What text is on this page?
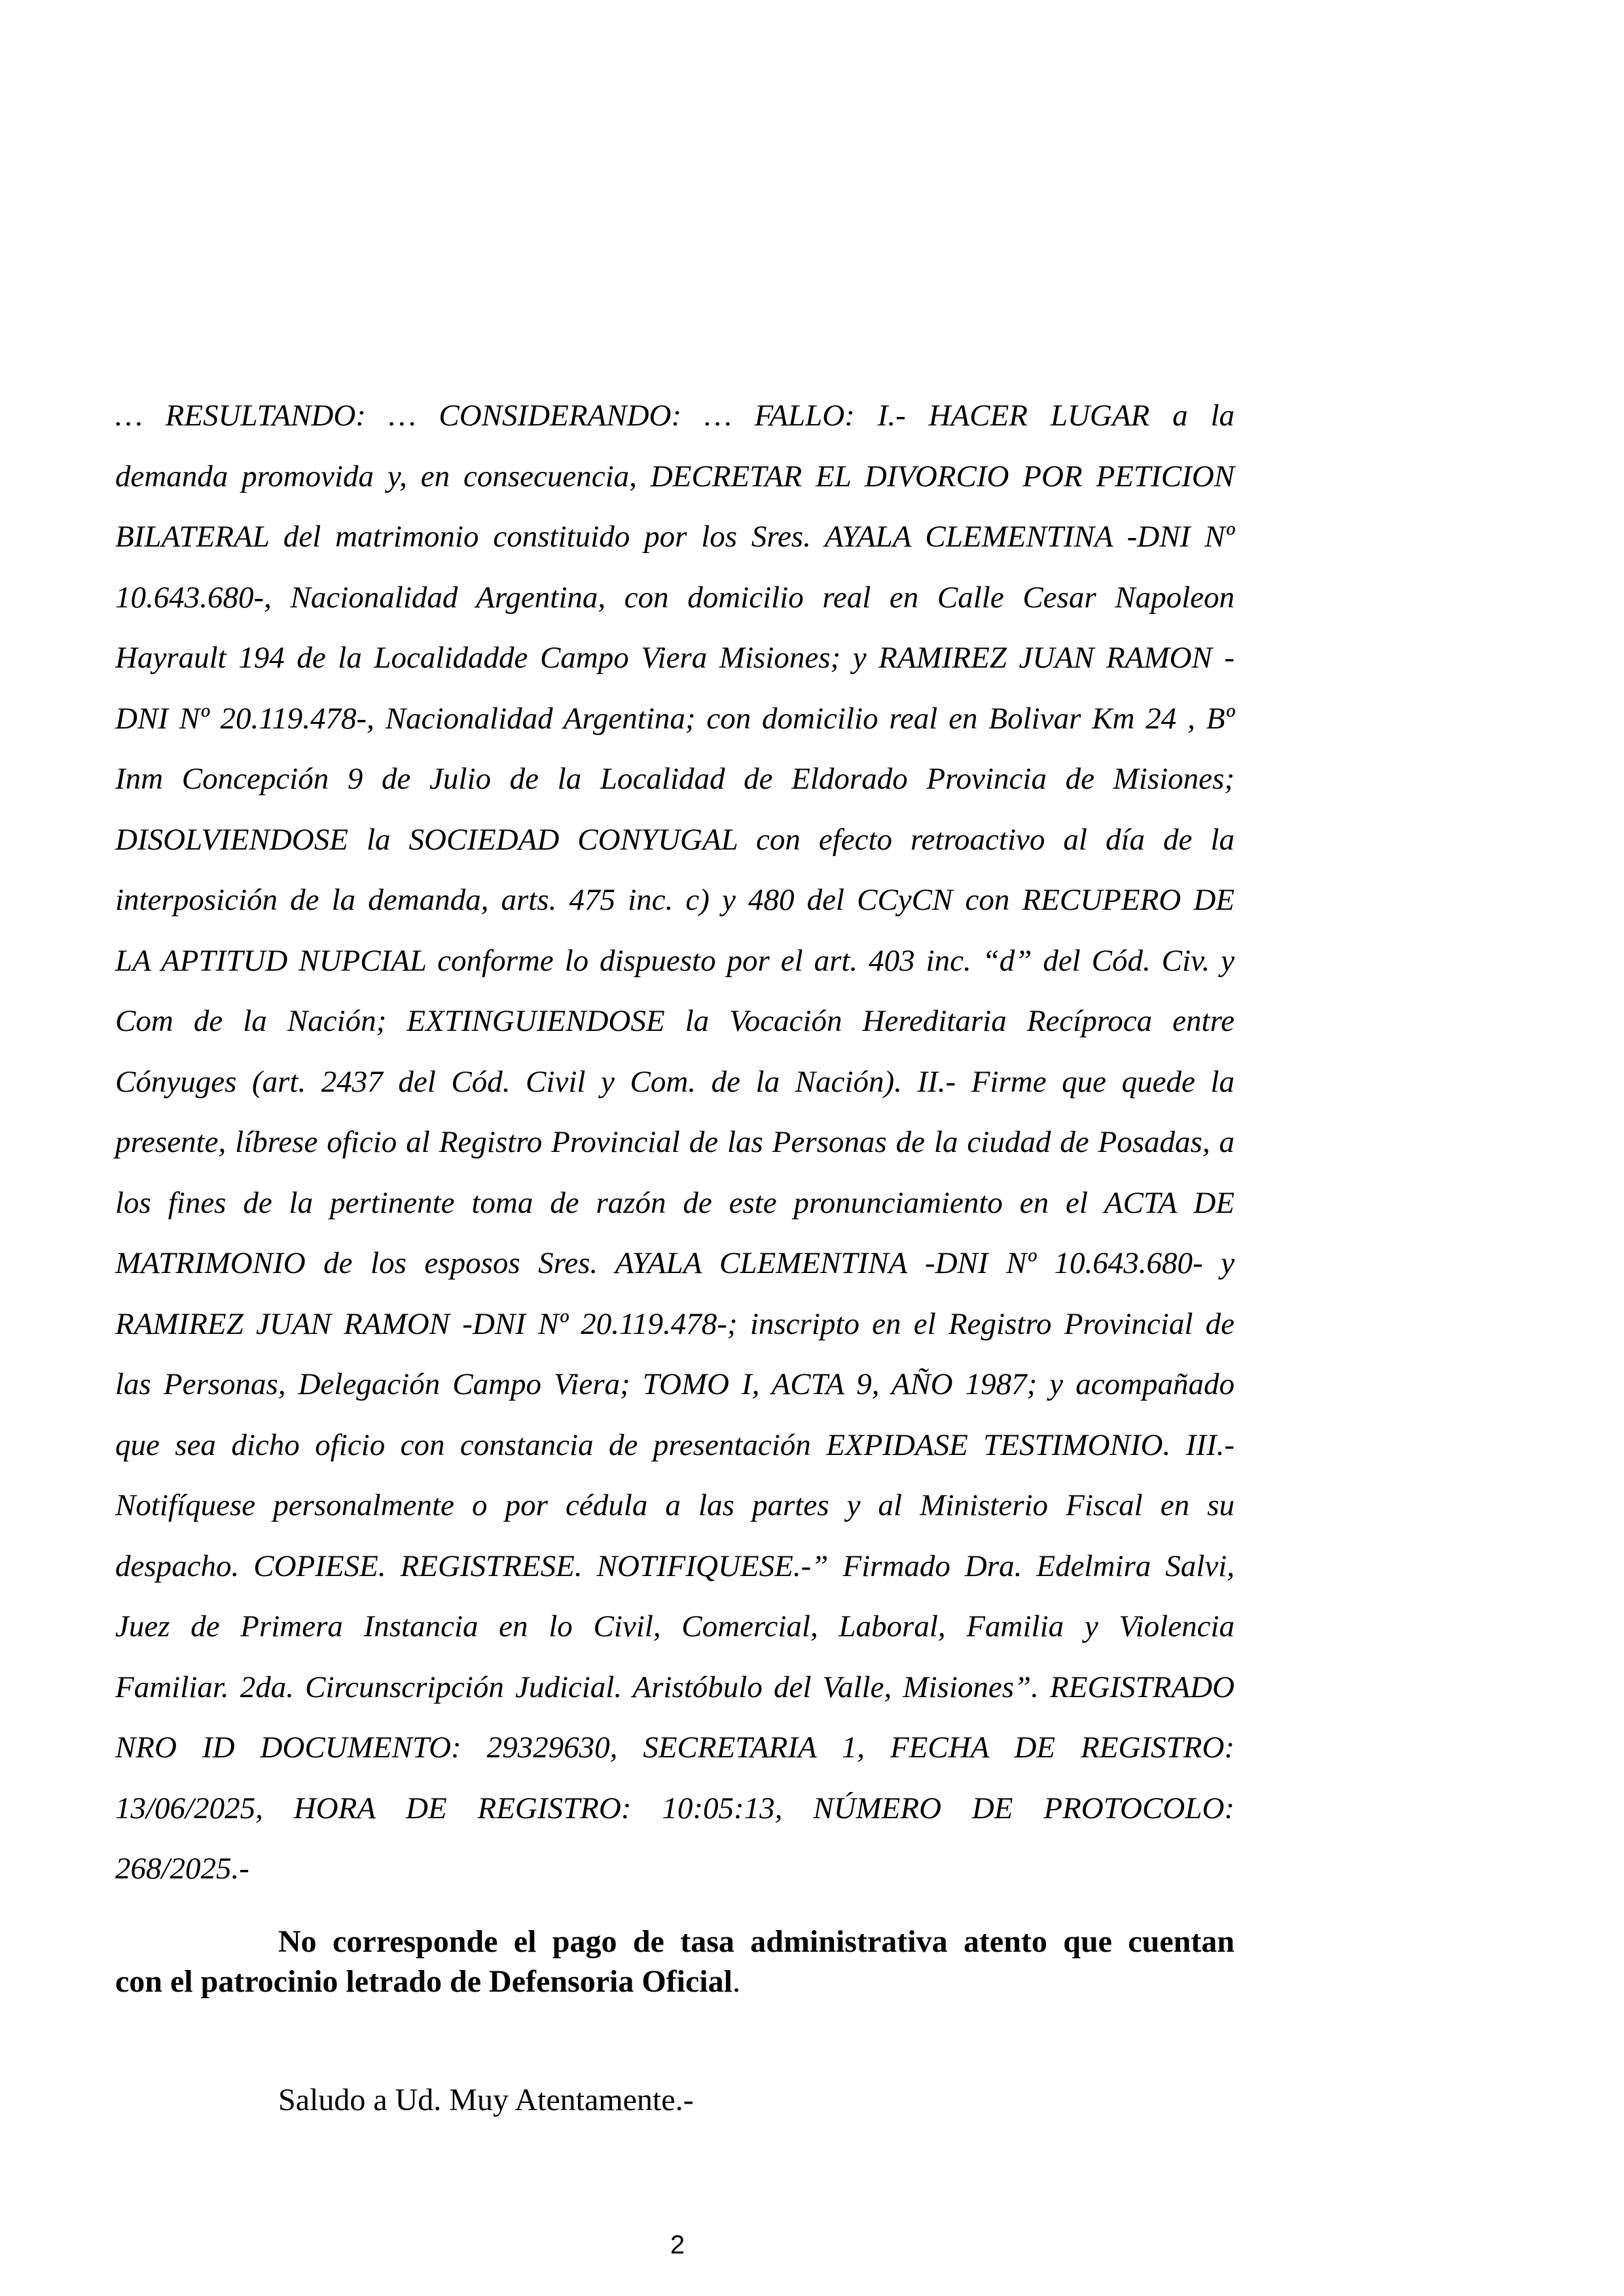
… RESULTANDO: … CONSIDERANDO: … FALLO: I.- HACER LUGAR a la
demanda promovida y, en consecuencia, DECRETAR EL DIVORCIO POR PETICION
BILATERAL del matrimonio constituido por los Sres. AYALA CLEMENTINA -DNI Nº
10.643.680-, Nacionalidad Argentina, con domicilio real en Calle Cesar Napoleon
Hayrault 194 de la Localidadde Campo Viera Misiones; y RAMIREZ JUAN RAMON -
DNI Nº 20.119.478-, Nacionalidad Argentina; con domicilio real en Bolivar Km 24 , Bº
Inm Concepción 9 de Julio de la Localidad de Eldorado Provincia de Misiones;
DISOLVIENDOSE la SOCIEDAD CONYUGAL con efecto retroactivo al día de la
interposición de la demanda, arts. 475 inc. c) y 480 del CCyCN con RECUPERO DE
LA APTITUD NUPCIAL conforme lo dispuesto por el art. 403 inc. “d” del Cód. Civ. y
Com de la Nación; EXTINGUIENDOSE la Vocación Hereditaria Recíproca entre
Cónyuges (art. 2437 del Cód. Civil y Com. de la Nación). II.- Firme que quede la
presente, líbrese oficio al Registro Provincial de las Personas de la ciudad de Posadas, a
los fines de la pertinente toma de razón de este pronunciamiento en el ACTA DE
MATRIMONIO de los esposos Sres. AYALA CLEMENTINA -DNI Nº 10.643.680- y
RAMIREZ JUAN RAMON -DNI Nº 20.119.478-; inscripto en el Registro Provincial de
las Personas, Delegación Campo Viera; TOMO I, ACTA 9, AÑO 1987; y acompañado
que sea dicho oficio con constancia de presentación EXPIDASE TESTIMONIO. III.-
Notifíquese personalmente o por cédula a las partes y al Ministerio Fiscal en su
despacho. COPIESE. REGISTRESE. NOTIFIQUESE.-” Firmado Dra. Edelmira Salvi,
Juez de Primera Instancia en lo Civil, Comercial, Laboral, Familia y Violencia
Familiar. 2da. Circunscripción Judicial. Aristóbulo del Valle, Misiones”. REGISTRADO
NRO ID DOCUMENTO: 29329630, SECRETARIA 1, FECHA DE REGISTRO:
13/06/2025, HORA DE REGISTRO: 10:05:13, NÚMERO DE PROTOCOLO:
268/2025.-
No corresponde el pago de tasa administrativa atento que cuentan
con el patrocinio letrado de Defensoria Oficial.
Saludo a Ud. Muy Atentamente.-
2
